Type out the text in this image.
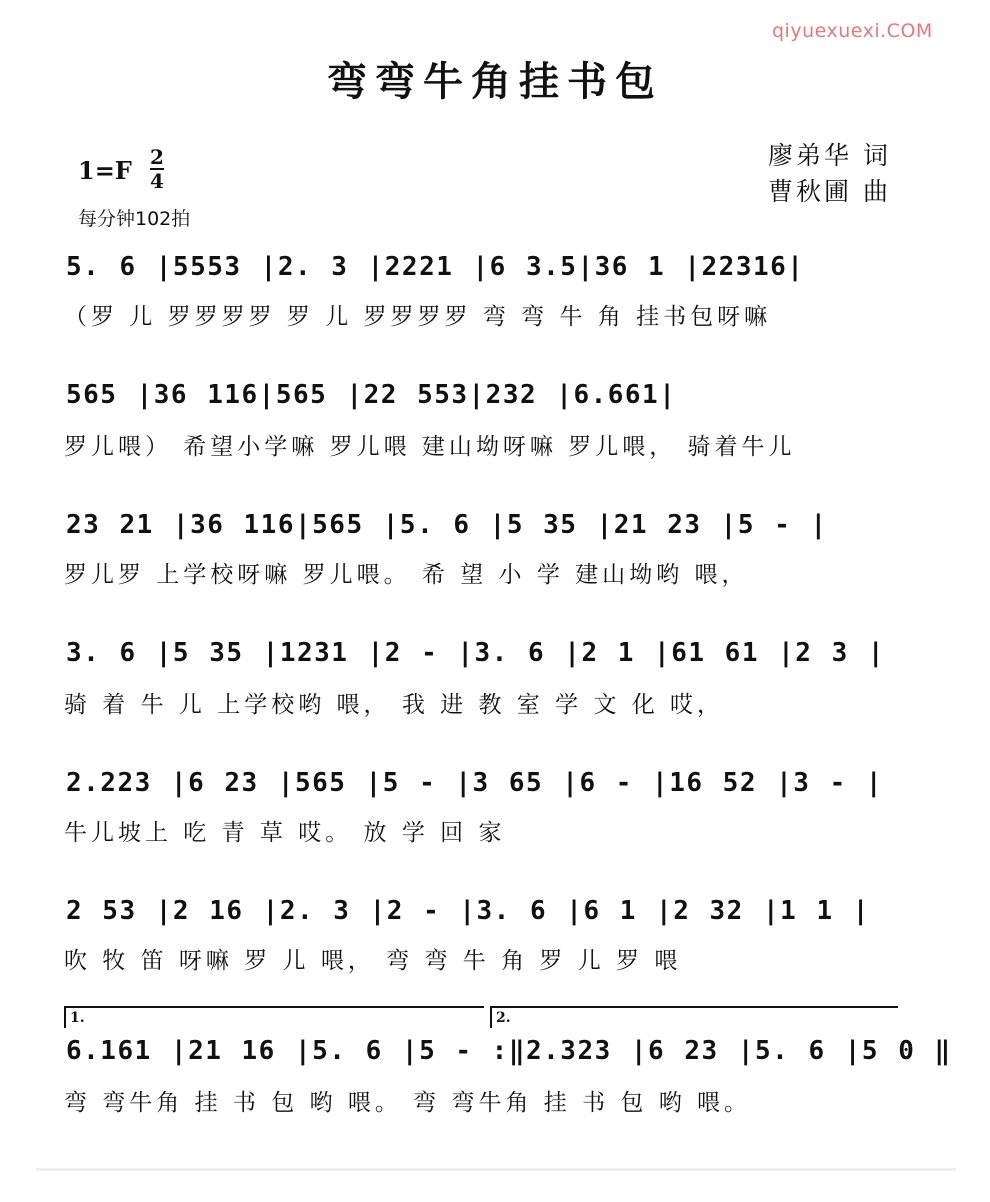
qiyuexuexi.COM
弯弯牛角挂书包
廖弟华 词
曹秋圃 曲
1=F 2
4
每分钟102拍
5. 6 |5553 |2. 3 |2221 |6 3.5|36 1 |22316|
（罗 儿 罗罗罗罗 罗 儿 罗罗罗罗 弯 弯 牛 角 挂书包呀嘛
565 |36 116|565 |22 553|232 |6.661|
罗儿喂） 希望小学嘛 罗儿喂 建山坳呀嘛 罗儿喂， 骑着牛儿
23 21 |36 116|565 |5. 6 |5 35 |21 23 |5 - |
罗儿罗 上学校呀嘛 罗儿喂。 希 望 小 学 建山坳哟 喂，
3. 6 |5 35 |1231 |2 - |3. 6 |2 1 |61 61 |2 3 |
骑 着 牛 儿 上学校哟 喂， 我 进 教 室 学 文 化 哎，
2.223 |6 23 |565 |5 - |3 65 |6 - |16 52 |3 - |
牛儿坡上 吃 青 草 哎。 放 学 回 家
2 53 |2 16 |2. 3 |2 - |3. 6 |6 1 |2 32 |1 1 |
吹 牧 笛 呀嘛 罗 儿 喂， 弯 弯 牛 角 罗 儿 罗 喂
1.	2.
6.161 |21 16 |5. 6 |5 - :‖2.323 |6 23 |5. 6 |5 0 ‖
弯 弯牛角 挂 书 包 哟 喂。 弯 弯牛角 挂 书 包 哟 喂。
